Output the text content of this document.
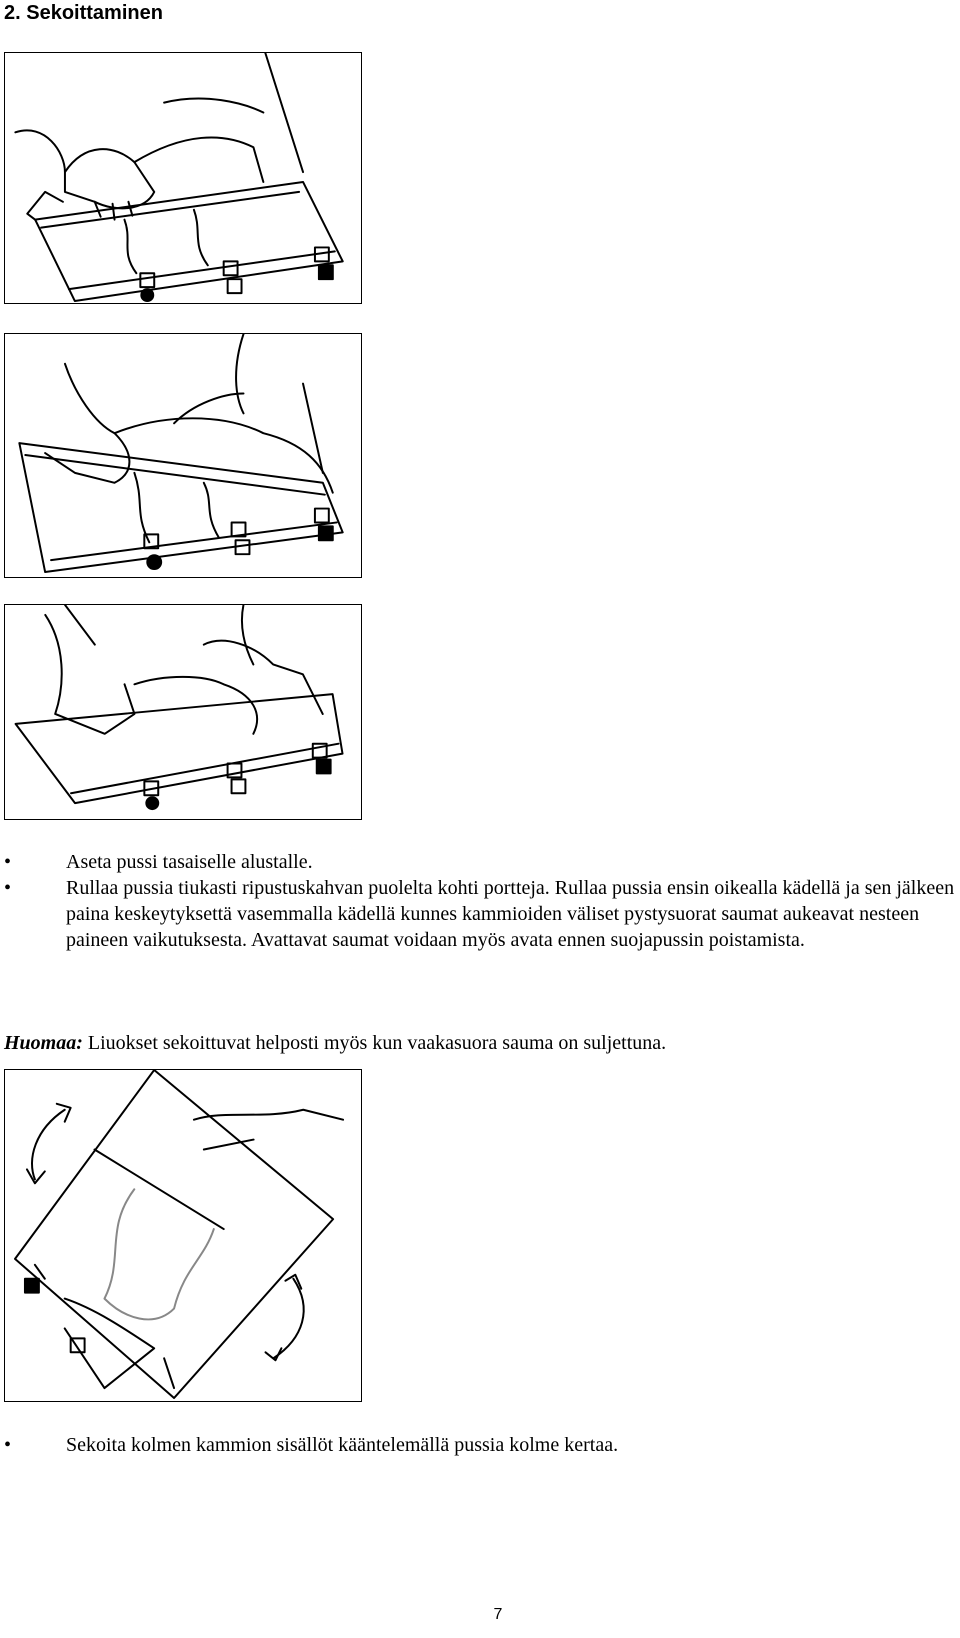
2. Sekoittaminen
•	Aseta pussi tasaiselle alustalle.
•	Rullaa pussia tiukasti ripustuskahvan puolelta kohti portteja. Rullaa pussia ensin oikealla kädellä ja sen jälkeen paina keskeytyksettä vasemmalla kädellä kunnes kammioiden väliset pystysuorat saumat aukeavat nesteen paineen vaikutuksesta. Avattavat saumat voidaan myös avata ennen suojapussin poistamista.
Huomaa: Liuokset sekoittuvat helposti myös kun vaakasuora sauma on suljettuna.
•	Sekoita kolmen kammion sisällöt kääntelemällä pussia kolme kertaa.
7
